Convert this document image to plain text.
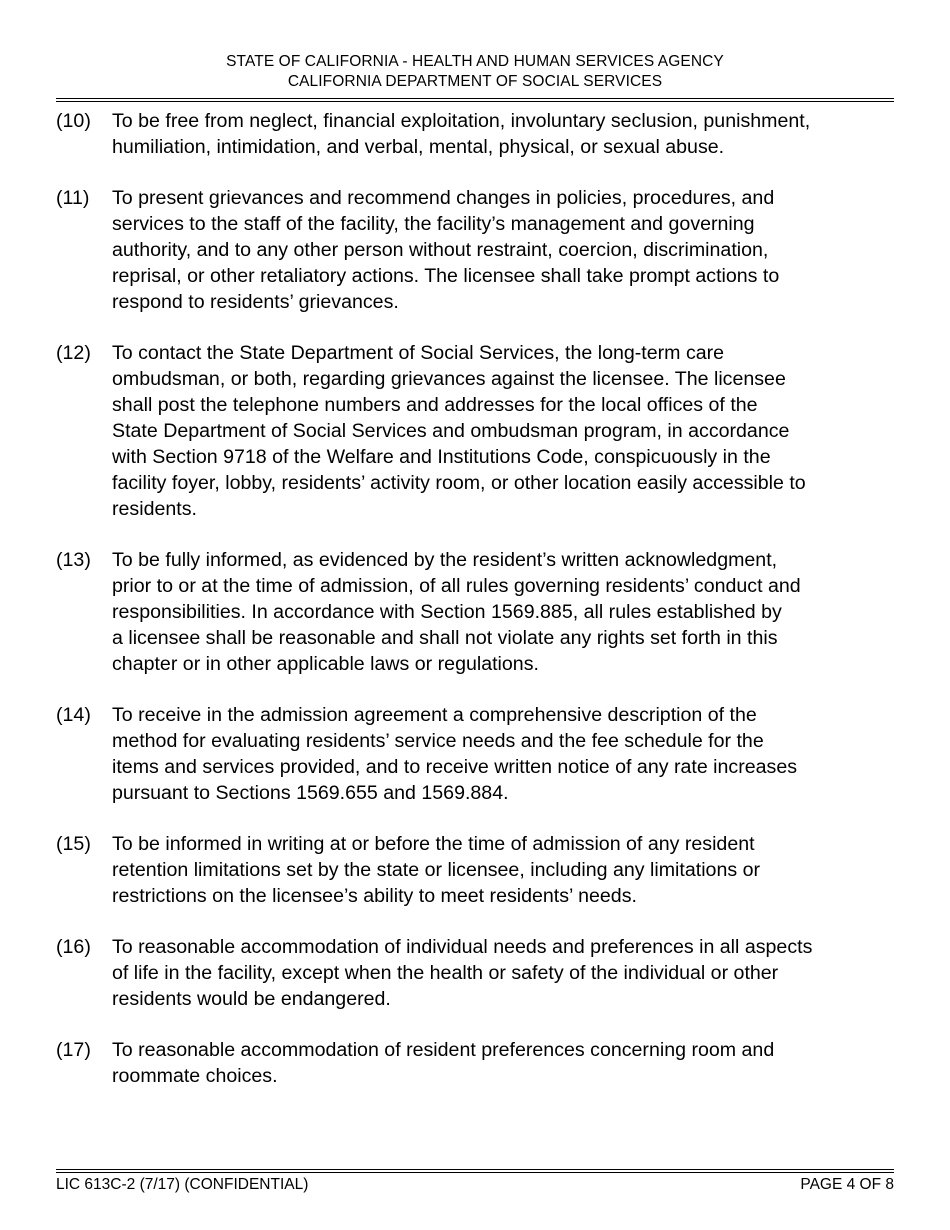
STATE OF CALIFORNIA - HEALTH AND HUMAN SERVICES AGENCY
CALIFORNIA DEPARTMENT OF SOCIAL SERVICES
(10)	To be free from neglect, financial exploitation, involuntary seclusion, punishment,
humiliation, intimidation, and verbal, mental, physical, or sexual abuse.
(11)	To present grievances and recommend changes in policies, procedures, and
services to the staff of the facility, the facility’s management and governing
authority, and to any other person without restraint, coercion, discrimination,
reprisal, or other retaliatory actions. The licensee shall take prompt actions to
respond to residents’ grievances.
(12)	To contact the State Department of Social Services, the long-term care
ombudsman, or both, regarding grievances against the licensee. The licensee
shall post the telephone numbers and addresses for the local offices of the
State Department of Social Services and ombudsman program, in accordance
with Section 9718 of the Welfare and Institutions Code, conspicuously in the
facility foyer, lobby, residents’ activity room, or other location easily accessible to
residents.
(13)	To be fully informed, as evidenced by the resident’s written acknowledgment,
prior to or at the time of admission, of all rules governing residents’ conduct and
responsibilities. In accordance with Section 1569.885, all rules established by
a licensee shall be reasonable and shall not violate any rights set forth in this
chapter or in other applicable laws or regulations.
(14)	To receive in the admission agreement a comprehensive description of the
method for evaluating residents’ service needs and the fee schedule for the
items and services provided, and to receive written notice of any rate increases
pursuant to Sections 1569.655 and 1569.884.
(15)	To be informed in writing at or before the time of admission of any resident
retention limitations set by the state or licensee, including any limitations or
restrictions on the licensee’s ability to meet residents’ needs.
(16)	To reasonable accommodation of individual needs and preferences in all aspects
of life in the facility, except when the health or safety of the individual or other
residents would be endangered.
(17)	To reasonable accommodation of resident preferences concerning room and
roommate choices.
LIC 613C-2 (7/17) (CONFIDENTIAL)	PAGE 4 OF 8
